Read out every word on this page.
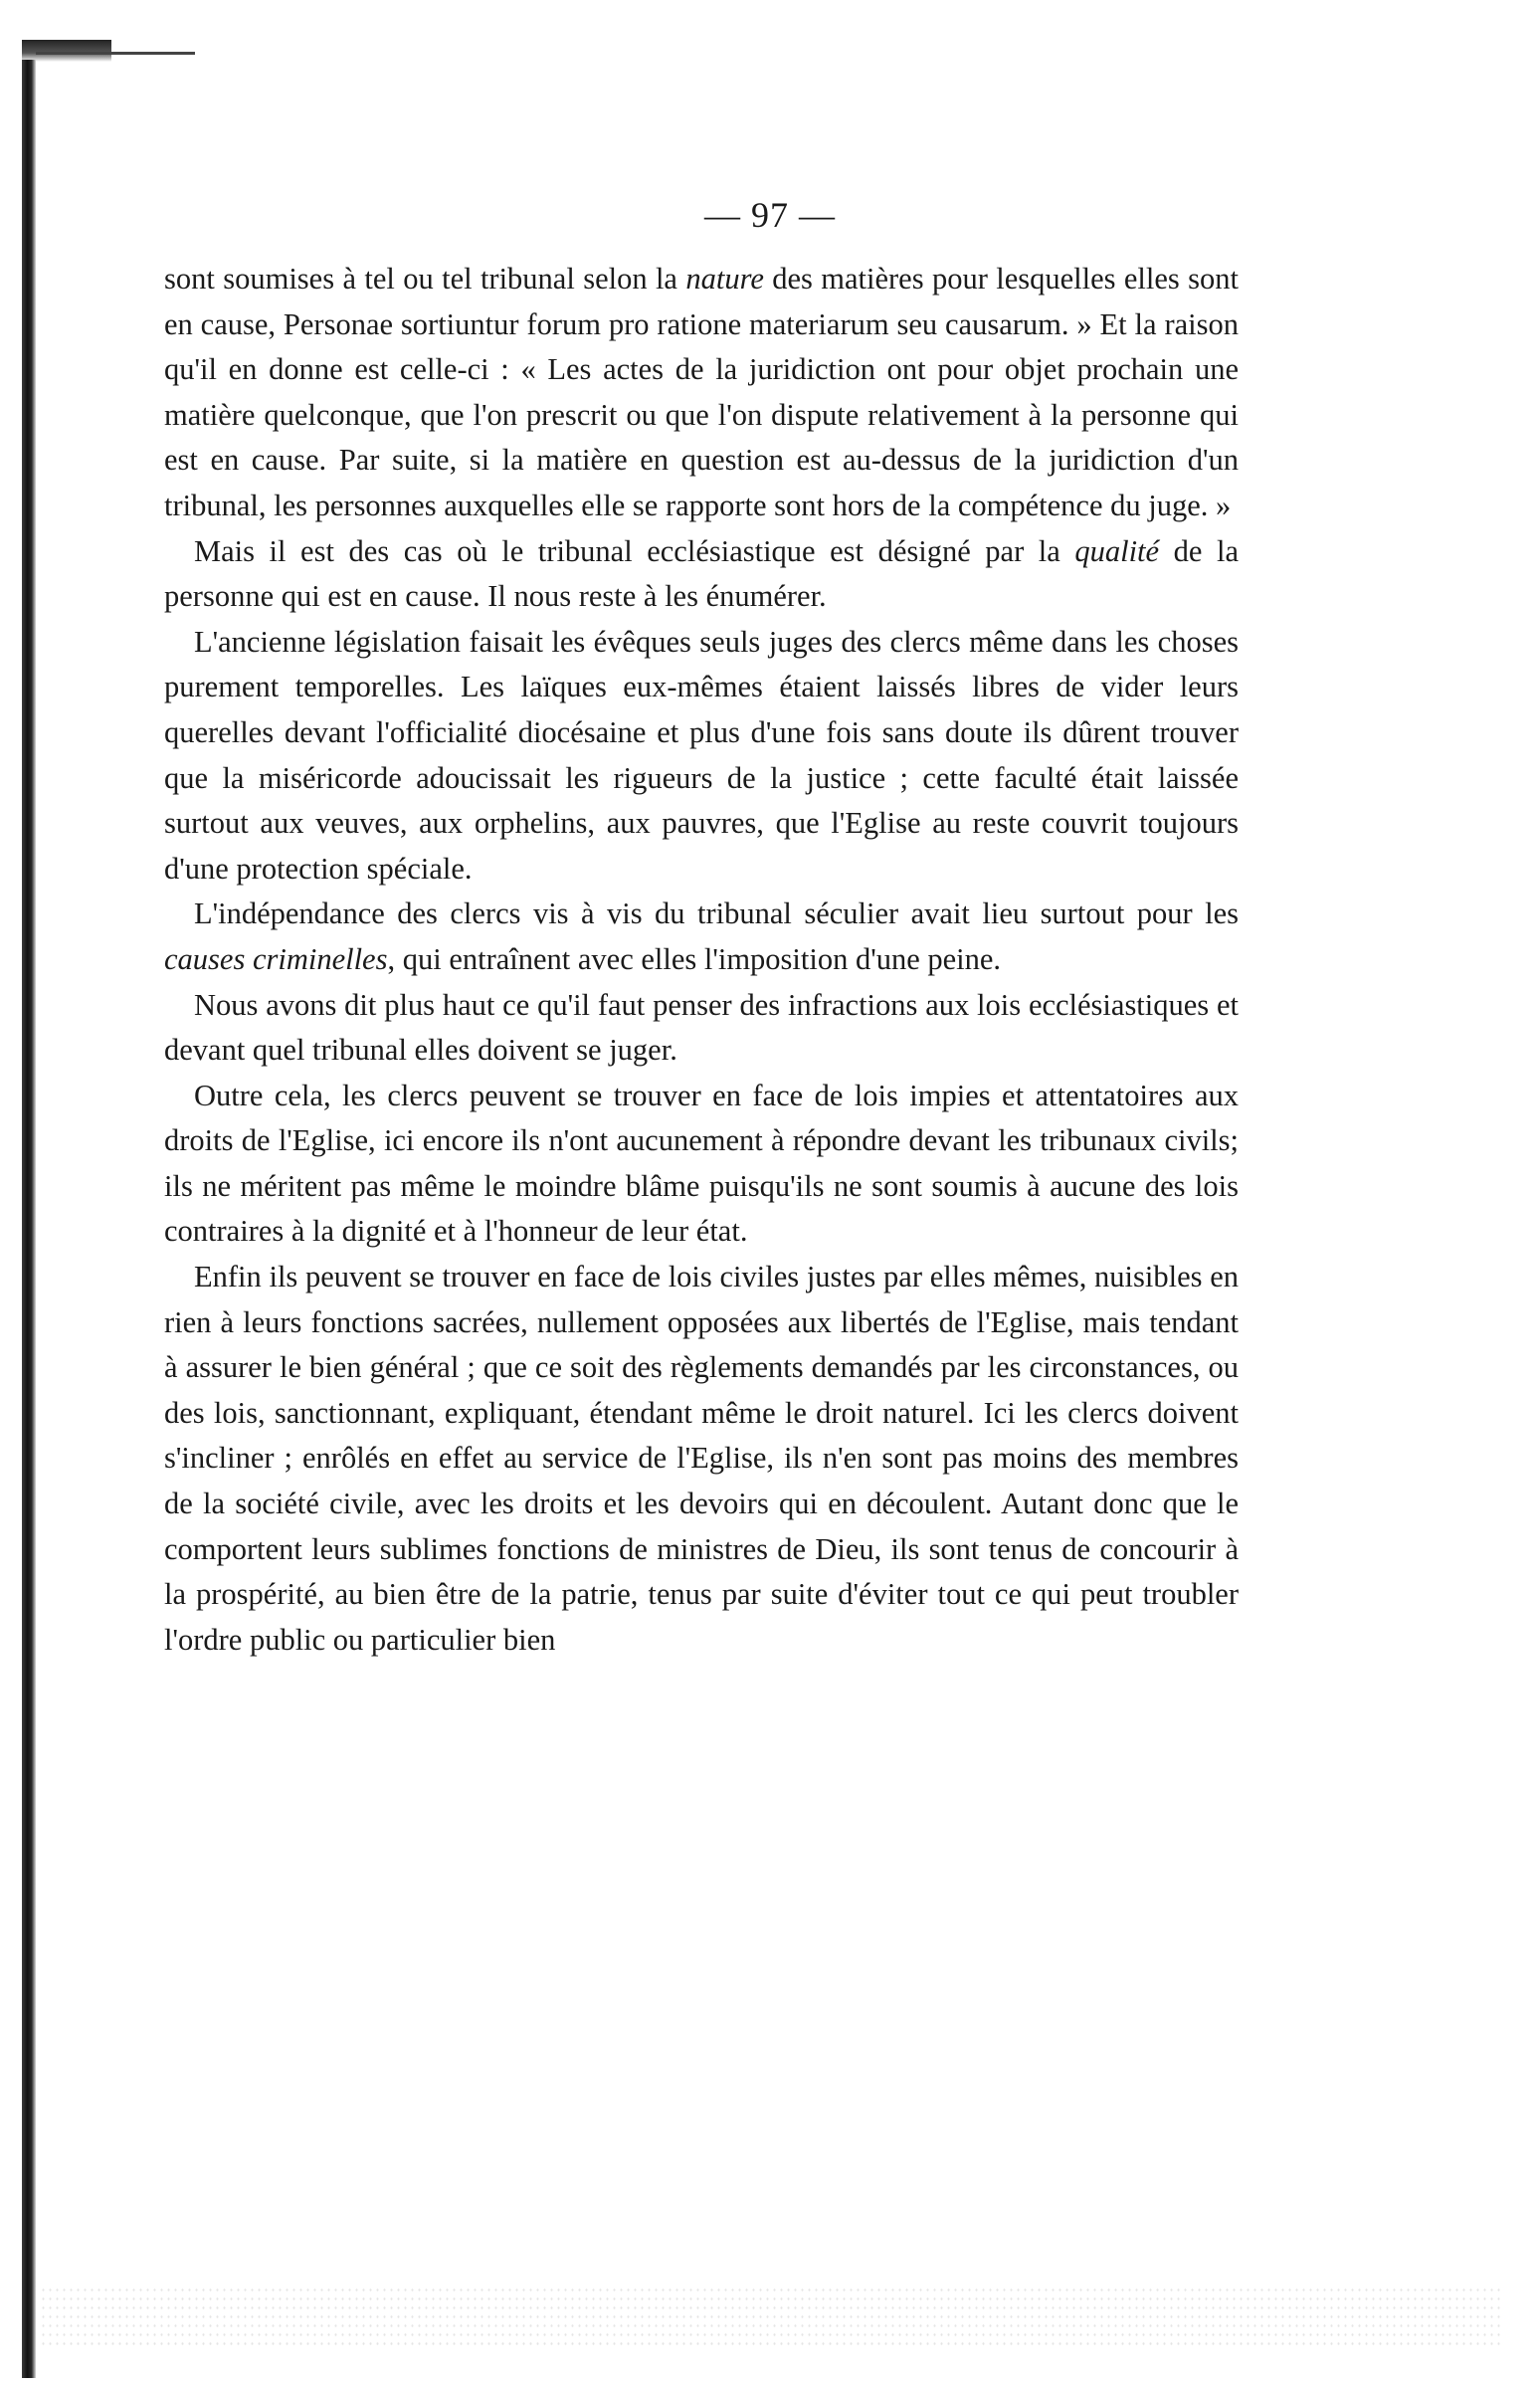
— 97 —

sont soumises à tel ou tel tribunal selon la nature des matières pour lesquelles elles sont en cause, Personae sortiuntur forum pro ratione materiarum seu causarum. » Et la raison qu'il en donne est celle-ci : « Les actes de la juridiction ont pour objet prochain une matière quelconque, que l'on prescrit ou que l'on dispute relativement à la personne qui est en cause. Par suite, si la matière en question est au-dessus de la juridiction d'un tribunal, les personnes auxquelles elle se rapporte sont hors de la compétence du juge. »

Mais il est des cas où le tribunal ecclésiastique est désigné par la qualité de la personne qui est en cause. Il nous reste à les énumérer.

L'ancienne législation faisait les évêques seuls juges des clercs même dans les choses purement temporelles. Les laïques eux-mêmes étaient laissés libres de vider leurs querelles devant l'officialité diocésaine et plus d'une fois sans doute ils dûrent trouver que la miséricorde adoucissait les rigueurs de la justice ; cette faculté était laissée surtout aux veuves, aux orphelins, aux pauvres, que l'Eglise au reste couvrit toujours d'une protection spéciale.

L'indépendance des clercs vis à vis du tribunal séculier avait lieu surtout pour les causes criminelles, qui entraînent avec elles l'imposition d'une peine.

Nous avons dit plus haut ce qu'il faut penser des infractions aux lois ecclésiastiques et devant quel tribunal elles doivent se juger.

Outre cela, les clercs peuvent se trouver en face de lois impies et attentatoires aux droits de l'Eglise, ici encore ils n'ont aucunement à répondre devant les tribunaux civils; ils ne méritent pas même le moindre blâme puisqu'ils ne sont soumis à aucune des lois contraires à la dignité et à l'honneur de leur état.

Enfin ils peuvent se trouver en face de lois civiles justes par elles mêmes, nuisibles en rien à leurs fonctions sacrées, nullement opposées aux libertés de l'Eglise, mais tendant à assurer le bien général ; que ce soit des règlements demandés par les circonstances, ou des lois, sanctionnant, expliquant, étendant même le droit naturel. Ici les clercs doivent s'incliner ; enrôlés en effet au service de l'Eglise, ils n'en sont pas moins des membres de la société civile, avec les droits et les devoirs qui en découlent. Autant donc que le comportent leurs sublimes fonctions de ministres de Dieu, ils sont tenus de concourir à la prospérité, au bien être de la patrie, tenus par suite d'éviter tout ce qui peut troubler l'ordre public ou particulier bien
